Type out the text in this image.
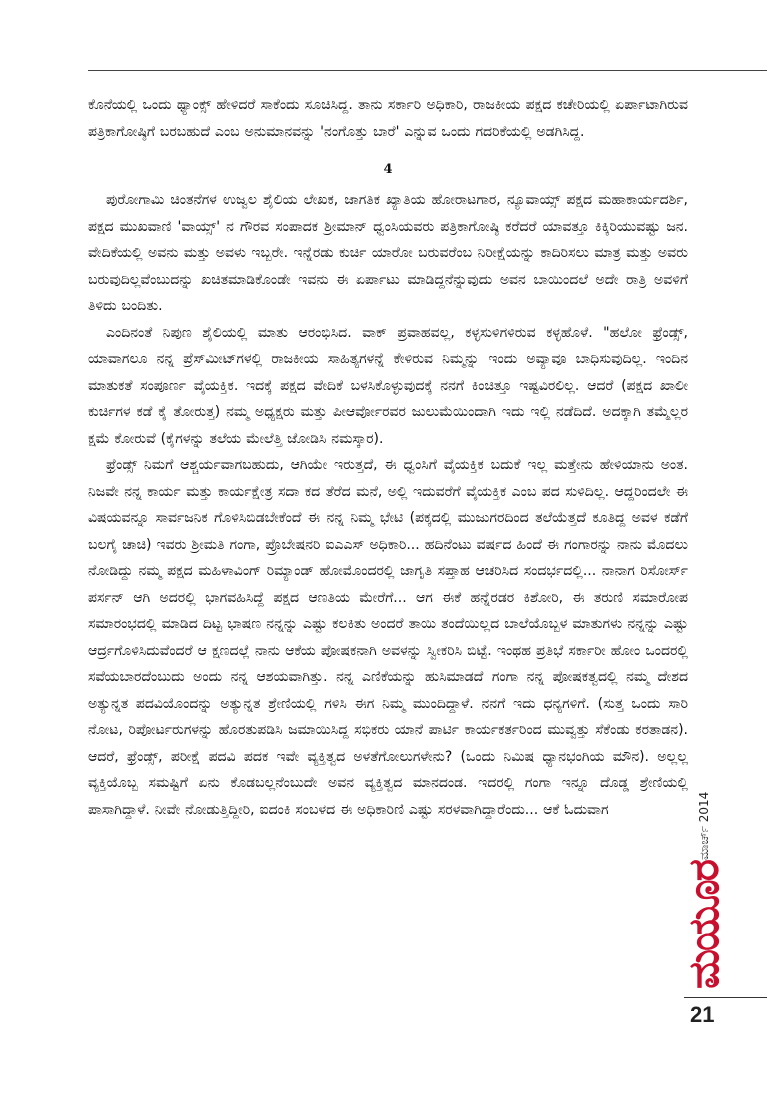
ಕೊನೆಯಲ್ಲಿ ಒಂದು ಥ್ಯಾಂಕ್ಸ್ ಹೇಳಿದರೆ ಸಾಕೆಂದು ಸೂಚಿಸಿದ್ದ. ತಾನು ಸರ್ಕಾರಿ ಅಧಿಕಾರಿ, ರಾಜಕೀಯ ಪಕ್ಷದ ಕಚೇರಿಯಲ್ಲಿ ಏರ್ಪಾಟಾಗಿರುವ ಪತ್ರಿಕಾಗೋಷ್ಠಿಗೆ ಬರಬಹುದೆ ಎಂಬ ಅನುಮಾನವನ್ನು 'ನಂಗೊತ್ತು ಬಾರೆ' ಎನ್ನುವ ಒಂದು ಗದರಿಕೆಯಲ್ಲಿ ಅಡಗಿಸಿದ್ದ.

4

ಪುರೋಗಾಮಿ ಚಿಂತನೆಗಳ ಉಜ್ವಲ ಶೈಲಿಯ ಲೇಖಕ, ಜಾಗತಿಕ ಖ್ಯಾತಿಯ ಹೋರಾಟಗಾರ, ನ್ಯೂವಾಯ್ಸ್ ಪಕ್ಷದ ಮಹಾಕಾರ್ಯದರ್ಶಿ, ಪಕ್ಷದ ಮುಖವಾಣಿ 'ವಾಯ್ಸ್' ನ ಗೌರವ ಸಂಪಾದಕ ಶ್ರೀಮಾನ್ ಧ್ವಂಸಿಯವರು ಪತ್ರಿಕಾಗೋಷ್ಠಿ ಕರೆದರೆ ಯಾವತ್ತೂ ಕಿಕ್ಕಿರಿಯುವಷ್ಟು ಜನ. ವೇದಿಕೆಯಲ್ಲಿ ಅವನು ಮತ್ತು ಅವಳು ಇಬ್ಬರೇ. ಇನ್ನೆರಡು ಕುರ್ಚಿ ಯಾರೋ ಬರುವರೆಂಬ ನಿರೀಕ್ಷೆಯನ್ನು ಕಾದಿರಿಸಲು ಮಾತ್ರ ಮತ್ತು ಅವರು ಬರುವುದಿಲ್ಲವೆಂಬುದನ್ನು ಖಚಿತಮಾಡಿಕೊಂಡೇ ಇವನು ಈ ಏರ್ಪಾಟು ಮಾಡಿದ್ದನೆನ್ನುವುದು ಅವನ ಬಾಯಿಂದಲೆ ಅದೇ ರಾತ್ರಿ ಅವಳಿಗೆ ತಿಳಿದು ಬಂದಿತು.

ಎಂದಿನಂತೆ ನಿಪುಣ ಶೈಲಿಯಲ್ಲಿ ಮಾತು ಆರಂಭಿಸಿದ. ವಾಕ್ ಪ್ರವಾಹವಲ್ಲ, ಕಳ್ಳಸುಳಿಗಳಿರುವ ಕಳ್ಳಹೊಳೆ. "ಹಲೋ ಫ್ರೆಂಡ್ಸ್, ಯಾವಾಗಲೂ ನನ್ನ ಪ್ರೆಸ್‌ಮೀಟ್‌ಗಳಲ್ಲಿ ರಾಜಕೀಯ ಸಾಹಿತ್ಯಗಳನ್ನೆ ಕೇಳಿರುವ ನಿಮ್ಮನ್ನು ಇಂದು ಅವ್ಯಾವೂ ಬಾಧಿಸುವುದಿಲ್ಲ. ಇಂದಿನ ಮಾತುಕತೆ ಸಂಪೂರ್ಣ ವೈಯಕ್ತಿಕ. ಇದಕ್ಕೆ ಪಕ್ಷದ ವೇದಿಕೆ ಬಳಸಿಕೊಳ್ಳುವುದಕ್ಕೆ ನನಗೆ ಕಿಂಚಿತ್ತೂ ಇಷ್ಟವಿರಲಿಲ್ಲ. ಆದರೆ (ಪಕ್ಷದ ಖಾಲೀ ಕುರ್ಚಿಗಳ ಕಡೆ ಕೈ ತೋರುತ್ತ) ನಮ್ಮ ಅಧ್ಯಕ್ಷರು ಮತ್ತು ಪೀಆರ್ವೋರವರ ಜುಲುಮೆಯಿಂದಾಗಿ ಇದು ಇಲ್ಲಿ ನಡೆದಿದೆ. ಅದಕ್ಕಾಗಿ ತಮ್ಮೆಲ್ಲರ ಕ್ಷಮೆ ಕೋರುವೆ (ಕೈಗಳನ್ನು ತಲೆಯ ಮೇಲೆತ್ತಿ ಜೋಡಿಸಿ ನಮಸ್ಕಾರ).

ಫ್ರೆಂಡ್ಸ್ ನಿಮಗೆ ಆಶ್ಚರ್ಯವಾಗಬಹುದು, ಆಗಿಯೇ ಇರುತ್ತದೆ, ಈ ಧ್ವಂಸಿಗೆ ವೈಯಕ್ತಿಕ ಬದುಕೆ ಇಲ್ಲ ಮತ್ತೇನು ಹೇಳಿಯಾನು ಅಂತ. ನಿಜವೇ ನನ್ನ ಕಾರ್ಯ ಮತ್ತು ಕಾರ್ಯಕ್ಷೇತ್ರ ಸದಾ ಕದ ತೆರೆದ ಮನೆ, ಅಲ್ಲಿ ಇದುವರೆಗೆ ವೈಯಕ್ತಿಕ ಎಂಬ ಪದ ಸುಳಿದಿಲ್ಲ. ಆದ್ದರಿಂದಲೇ ಈ ವಿಷಯವನ್ನೂ ಸಾರ್ವಜನಿಕ ಗೊಳಿಸಿಬಿಡಬೇಕೆಂದೆ ಈ ನನ್ನ ನಿಮ್ಮ ಭೇಟಿ (ಪಕ್ಕದಲ್ಲಿ ಮುಜುಗರದಿಂದ ತಲೆಯೆತ್ತದೆ ಕೂತಿದ್ದ ಅವಳ ಕಡೆಗೆ ಬಲಗೈ ಚಾಚಿ) ಇವರು ಶ್ರೀಮತಿ ಗಂಗಾ, ಪ್ರೊಬೇಷನರಿ ಐಎಎಸ್ ಅಧಿಕಾರಿ... ಹದಿನೆಂಟು ವರ್ಷದ ಹಿಂದೆ ಈ ಗಂಗಾರನ್ನು ನಾನು ಮೊದಲು ನೋಡಿದ್ದು ನಮ್ಮ ಪಕ್ಷದ ಮಹಿಳಾವಿಂಗ್ ರಿಮ್ಯಾಂಡ್ ಹೋಮೊಂದರಲ್ಲಿ ಜಾಗೃತಿ ಸಪ್ತಾಹ ಆಚರಿಸಿದ ಸಂದರ್ಭದಲ್ಲಿ... ನಾನಾಗ ರಿಸೋರ್ಸ್ ಪರ್ಸನ್ ಆಗಿ ಅದರಲ್ಲಿ ಭಾಗವಹಿಸಿದ್ದೆ ಪಕ್ಷದ ಆಣತಿಯ ಮೇರೆಗೆ... ಆಗ ಈಕೆ ಹನ್ನೆರಡರ ಕಿಶೋರಿ, ಈ ತರುಣಿ ಸಮಾರೋಪ ಸಮಾರಂಭದಲ್ಲಿ ಮಾಡಿದ ದಿಟ್ಟ ಭಾಷಣ ನನ್ನನ್ನು ಎಷ್ಟು ಕಲಕಿತು ಅಂದರೆ ತಾಯಿ ತಂದೆಯಿಲ್ಲದ ಬಾಲೆಯೊಬ್ಬಳ ಮಾತುಗಳು ನನ್ನನ್ನು ಎಷ್ಟು ಆರ್ದ್ರಗೊಳಿಸಿದುವೆಂದರೆ ಆ ಕ್ಷಣದಲ್ಲೆ ನಾನು ಆಕೆಯ ಪೋಷಕನಾಗಿ ಅವಳನ್ನು ಸ್ವೀಕರಿಸಿ ಬಿಟ್ಟೆ. ಇಂಥಹ ಪ್ರತಿಭೆ ಸರ್ಕಾರೀ ಹೋಂ ಒಂದರಲ್ಲಿ ಸವೆಯಬಾರದೆಂಬುದು ಅಂದು ನನ್ನ ಆಶಯವಾಗಿತ್ತು. ನನ್ನ ಎಣಿಕೆಯನ್ನು ಹುಸಿಮಾಡದೆ ಗಂಗಾ ನನ್ನ ಪೋಷಕತ್ವದಲ್ಲಿ ನಮ್ಮ ದೇಶದ ಅತ್ಯುನ್ನತ ಪದವಿಯೊಂದನ್ನು ಅತ್ಯುನ್ನತ ಶ್ರೇಣಿಯಲ್ಲಿ ಗಳಿಸಿ ಈಗ ನಿಮ್ಮ ಮುಂದಿದ್ದಾಳೆ. ನನಗೆ ಇದು ಧನ್ಯಗಳಿಗೆ. (ಸುತ್ತ ಒಂದು ಸಾರಿ ನೋಟ, ರಿಪೋರ್ಟರುಗಳನ್ನು ಹೊರತುಪಡಿಸಿ ಜಮಾಯಿಸಿದ್ದ ಸಭಿಕರು ಯಾನೆ ಪಾರ್ಟಿ ಕಾರ್ಯಕರ್ತರಿಂದ ಮುವ್ವತ್ತು ಸೆಕೆಂಡು ಕರತಾಡನ). ಆದರೆ, ಫ್ರೆಂಡ್ಸ್, ಪರೀಕ್ಷೆ ಪದವಿ ಪದಕ ಇವೇ ವ್ಯಕ್ತಿತ್ವದ ಅಳತೆಗೋಲುಗಳೇನು? (ಒಂದು ನಿಮಿಷ ಧ್ಯಾನಭಂಗಿಯ ಮೌನ). ಅಲ್ಲಲ್ಲ ವ್ಯಕ್ತಿಯೊಬ್ಬ ಸಮಷ್ಟಿಗೆ ಏನು ಕೊಡಬಲ್ಲನೆಂಬುದೇ ಅವನ ವ್ಯಕ್ತಿತ್ವದ ಮಾನದಂಡ. ಇದರಲ್ಲಿ ಗಂಗಾ ಇನ್ನೂ ದೊಡ್ಡ ಶ್ರೇಣಿಯಲ್ಲಿ ಪಾಸಾಗಿದ್ದಾಳೆ. ನೀವೇ ನೋಡುತ್ತಿದ್ದೀರಿ, ಐದಂಕಿ ಸಂಬಳದ ಈ ಅಧಿಕಾರಿಣಿ ಎಷ್ಟು ಸರಳವಾಗಿದ್ದಾರೆಂದು... ಆಕೆ ಓದುವಾಗ	ಮಾರ್ಚ್ 2014
ಮಯೂರ
21
